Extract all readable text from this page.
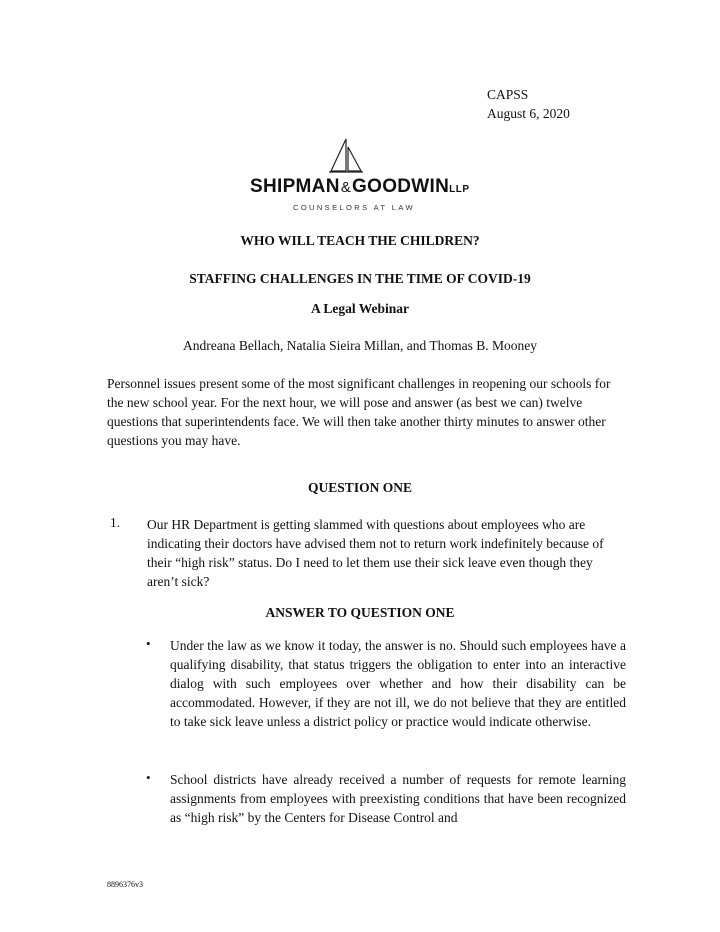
CAPSS
August 6, 2020
SHIPMAN&GOODWINLLP
COUNSELORS AT LAW
WHO WILL TEACH THE CHILDREN?
STAFFING CHALLENGES IN THE TIME OF COVID-19
A Legal Webinar
Andreana Bellach, Natalia Sieira Millan, and Thomas B. Mooney
Personnel issues present some of the most significant challenges in reopening our schools for the new school year. For the next hour, we will pose and answer (as best we can) twelve questions that superintendents face. We will then take another thirty minutes to answer other questions you may have.
QUESTION ONE
1. Our HR Department is getting slammed with questions about employees who are indicating their doctors have advised them not to return work indefinitely because of their “high risk” status. Do I need to let them use their sick leave even though they aren’t sick?
ANSWER TO QUESTION ONE
• Under the law as we know it today, the answer is no. Should such employees have a qualifying disability, that status triggers the obligation to enter into an interactive dialog with such employees over whether and how their disability can be accommodated. However, if they are not ill, we do not believe that they are entitled to take sick leave unless a district policy or practice would indicate otherwise.
• School districts have already received a number of requests for remote learning assignments from employees with preexisting conditions that have been recognized as “high risk” by the Centers for Disease Control and
8896376v3
